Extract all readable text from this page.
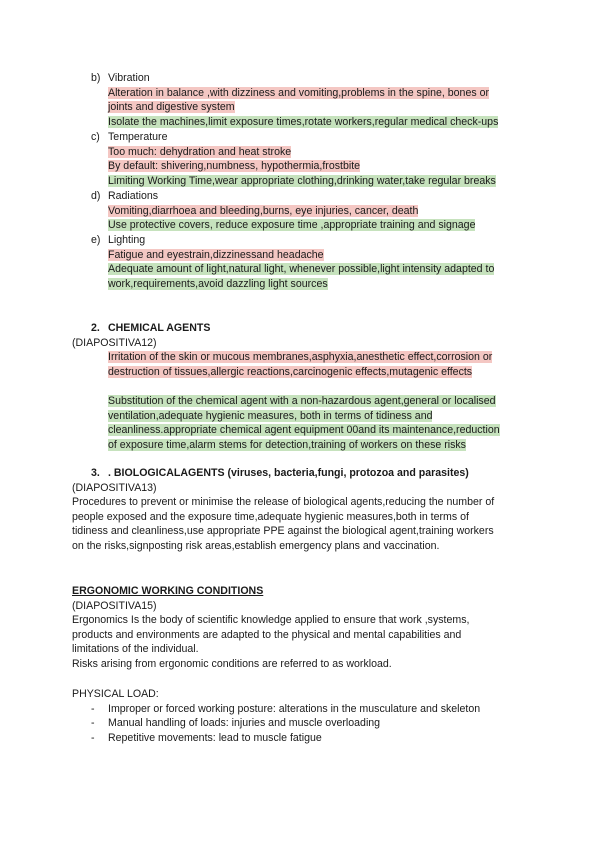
b) Vibration
Alteration in balance ,with dizziness and vomiting,problems in the spine, bones or
joints and digestive system
Isolate the machines,limit exposure times,rotate workers,regular medical check-ups
c) Temperature
Too much: dehydration and heat stroke
By default: shivering,numbness, hypothermia,frostbite
Limiting Working Time,wear appropriate clothing,drinking water,take regular breaks
d) Radiations
Vomiting,diarrhoea and bleeding,burns, eye injuries, cancer, death
Use protective covers, reduce exposure time ,appropriate training and signage
e) Lighting
Fatigue and eyestrain,dizzinessand headache
Adequate amount of light,natural light, whenever possible,light intensity adapted to
work,requirements,avoid dazzling light sources
2. CHEMICAL AGENTS
(DIAPOSITIVA12)
Irritation of the skin or mucous membranes,asphyxia,anesthetic effect,corrosion or
destruction of tissues,allergic reactions,carcinogenic effects,mutagenic effects

Substitution of the chemical agent with a non-hazardous agent,general or localised
ventilation,adequate hygienic measures, both in terms of tidiness and
cleanliness.appropriate chemical agent equipment 00and its maintenance,reduction
of exposure time,alarm stems for detection,training of workers on these risks
3. . BIOLOGICALAGENTS (viruses, bacteria,fungi, protozoa and parasites)
(DIAPOSITIVA13)
Procedures to prevent or minimise the release of biological agents,reducing the number of
people exposed and the exposure time,adequate hygienic measures,both in terms of
tidiness and cleanliness,use appropriate PPE against the biological agent,training workers
on the risks,signposting risk areas,establish emergency plans and vaccination.
ERGONOMIC WORKING CONDITIONS
(DIAPOSITIVA15)
Ergonomics Is the body of scientific knowledge applied to ensure that work ,systems,
products and environments are adapted to the physical and mental capabilities and
limitations of the individual.
Risks arising from ergonomic conditions are referred to as workload.
PHYSICAL LOAD:
-	Improper or forced working posture: alterations in the musculature and skeleton
-	Manual handling of loads: injuries and muscle overloading
-	Repetitive movements: lead to muscle fatigue
